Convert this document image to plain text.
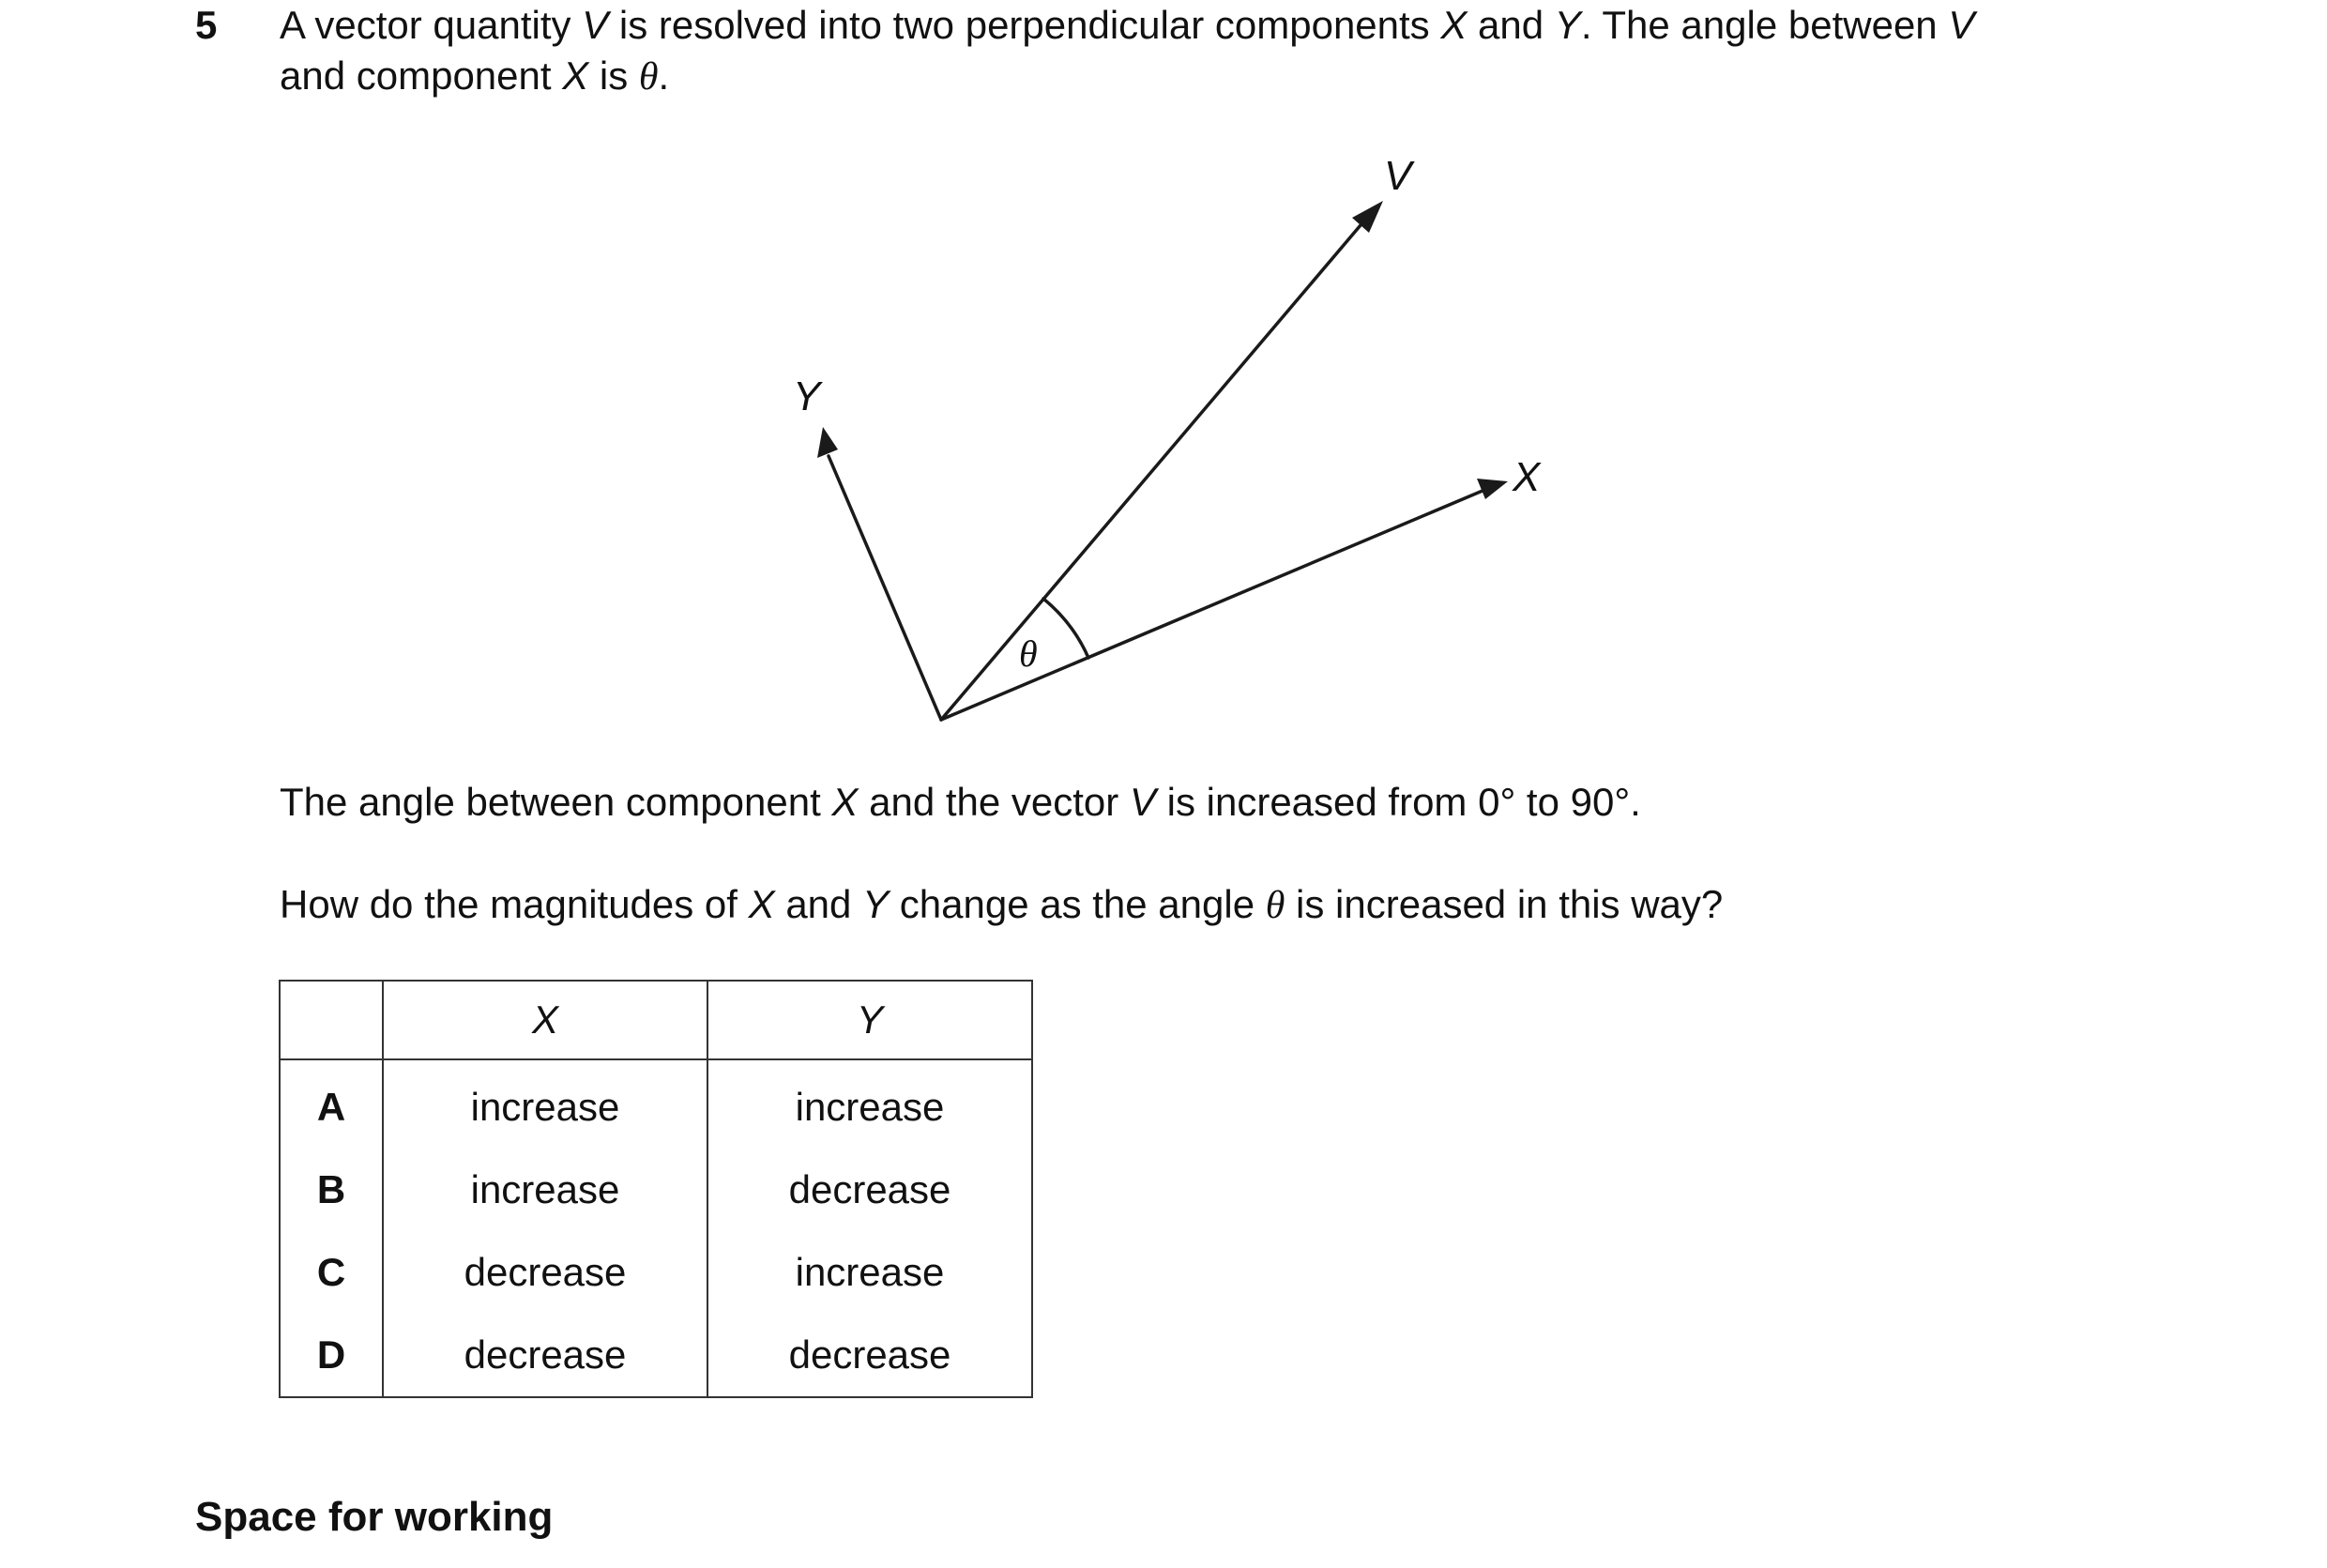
5 A vector quantity V is resolved into two perpendicular components X and Y. The angle between V
and component X is θ.
V
X
Y
θ
The angle between component X and the vector V is increased from 0° to 90°.
How do the magnitudes of X and Y change as the angle θ is increased in this way?
	X	Y
A	increase	increase
B	increase	decrease
C	decrease	increase
D	decrease	decrease
Space for working
